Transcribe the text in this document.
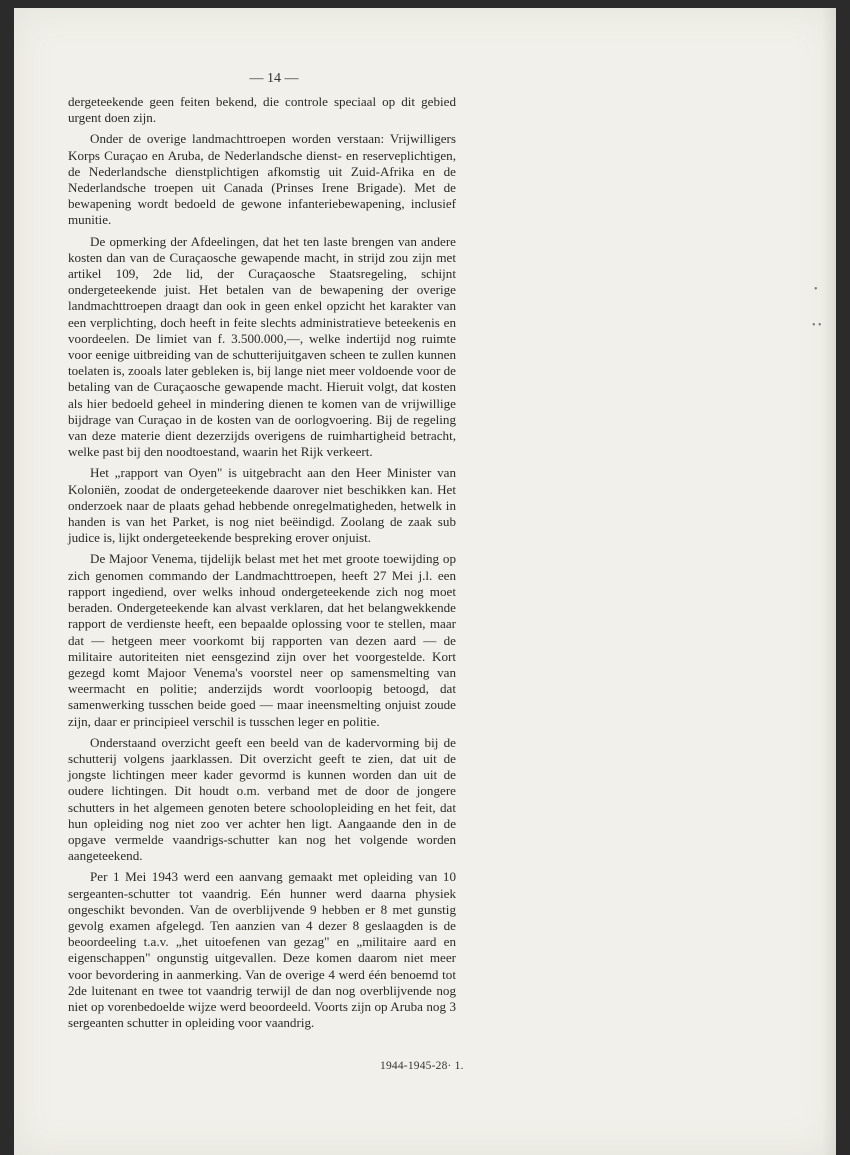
— 14 —

dergeteekende geen feiten bekend, die controle speciaal op dit gebied urgent doen zijn.

Onder de overige landmachttroepen worden verstaan: Vrijwilligers Korps Curaçao en Aruba, de Nederlandsche dienst- en reserveplichtigen, de Nederlandsche dienstplichtigen afkomstig uit Zuid-Afrika en de Nederlandsche troepen uit Canada (Prinses Irene Brigade). Met de bewapening wordt bedoeld de gewone infanteriebewapening, inclusief munitie.

De opmerking der Afdeelingen, dat het ten laste brengen van andere kosten dan van de Curaçaosche gewapende macht, in strijd zou zijn met artikel 109, 2de lid, der Curaçaosche Staatsregeling, schijnt ondergeteekende juist. Het betalen van de bewapening der overige landmachttroepen draagt dan ook in geen enkel opzicht het karakter van een verplichting, doch heeft in feite slechts administratieve beteekenis en voordeelen. De limiet van f. 3.500.000,—, welke indertijd nog ruimte voor eenige uitbreiding van de schutterijuitgaven scheen te zullen kunnen toelaten is, zooals later gebleken is, bij lange niet meer voldoende voor de betaling van de Curaçaosche gewapende macht. Hieruit volgt, dat kosten als hier bedoeld geheel in mindering dienen te komen van de vrijwillige bijdrage van Curaçao in de kosten van de oorlogvoering. Bij de regeling van deze materie dient dezerzijds overigens de ruimhartigheid betracht, welke past bij den noodtoestand, waarin het Rijk verkeert.

Het „rapport van Oyen" is uitgebracht aan den Heer Minister van Koloniën, zoodat de ondergeteekende daarover niet beschikken kan. Het onderzoek naar de plaats gehad hebbende onregelmatigheden, hetwelk in handen is van het Parket, is nog niet beëindigd. Zoolang de zaak sub judice is, lijkt ondergeteekende bespreking erover onjuist.

De Majoor Venema, tijdelijk belast met het met groote toewijding op zich genomen commando der Landmachttroepen, heeft 27 Mei j.l. een rapport ingediend, over welks inhoud ondergeteekende zich nog moet beraden. Ondergeteekende kan alvast verklaren, dat het belangwekkende rapport de verdienste heeft, een bepaalde oplossing voor te stellen, maar dat — hetgeen meer voorkomt bij rapporten van dezen aard — de militaire autoriteiten niet eensgezind zijn over het voorgestelde. Kort gezegd komt Majoor Venema's voorstel neer op samensmelting van weermacht en politie; anderzijds wordt voorloopig betoogd, dat samenwerking tusschen beide goed — maar ineensmelting onjuist zoude zijn, daar er principieel verschil is tusschen leger en politie.

Onderstaand overzicht geeft een beeld van de kadervorming bij de schutterij volgens jaarklassen. Dit overzicht geeft te zien, dat uit de jongste lichtingen meer kader gevormd is kunnen worden dan uit de oudere lichtingen. Dit houdt o.m. verband met de door de jongere schutters in het algemeen genoten betere schoolopleiding en het feit, dat hun opleiding nog niet zoo ver achter hen ligt. Aangaande den in de opgave vermelde vaandrigs-schutter kan nog het volgende worden aangeteekend.

Per 1 Mei 1943 werd een aanvang gemaakt met opleiding van 10 sergeanten-schutter tot vaandrig. Eén hunner werd daarna physiek ongeschikt bevonden. Van de overblijvende 9 hebben er 8 met gunstig gevolg examen afgelegd. Ten aanzien van 4 dezer 8 geslaagden is de beoordeeling t.a.v. „het uitoefenen van gezag" en „militaire aard en eigenschappen" ongunstig uitgevallen. Deze komen daarom niet meer voor bevordering in aanmerking. Van de overige 4 werd één benoemd tot 2de luitenant en twee tot vaandrig terwijl de dan nog overblijvende nog niet op vorenbedoelde wijze werd beoordeeld. Voorts zijn op Aruba nog 3 sergeanten schutter in opleiding voor vaandrig.

•
• •
1944-1945-28· 1.
